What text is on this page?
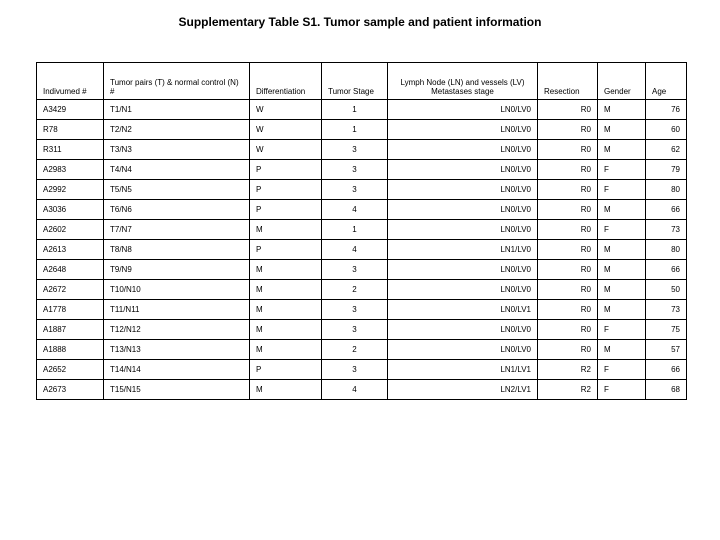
Supplementary Table S1. Tumor sample and patient information
Indivumed #	Tumor pairs (T) & normal control (N) #	Differentiation	Tumor Stage	Lymph Node (LN) and vessels (LV) Metastases stage	Resection	Gender	Age
A3429	T1/N1	W	1	LN0/LV0	R0	M	76
R78	T2/N2	W	1	LN0/LV0	R0	M	60
R311	T3/N3	W	3	LN0/LV0	R0	M	62
A2983	T4/N4	P	3	LN0/LV0	R0	F	79
A2992	T5/N5	P	3	LN0/LV0	R0	F	80
A3036	T6/N6	P	4	LN0/LV0	R0	M	66
A2602	T7/N7	M	1	LN0/LV0	R0	F	73
A2613	T8/N8	P	4	LN1/LV0	R0	M	80
A2648	T9/N9	M	3	LN0/LV0	R0	M	66
A2672	T10/N10	M	2	LN0/LV0	R0	M	50
A1778	T11/N11	M	3	LN0/LV1	R0	M	73
A1887	T12/N12	M	3	LN0/LV0	R0	F	75
A1888	T13/N13	M	2	LN0/LV0	R0	M	57
A2652	T14/N14	P	3	LN1/LV1	R2	F	66
A2673	T15/N15	M	4	LN2/LV1	R2	F	68
